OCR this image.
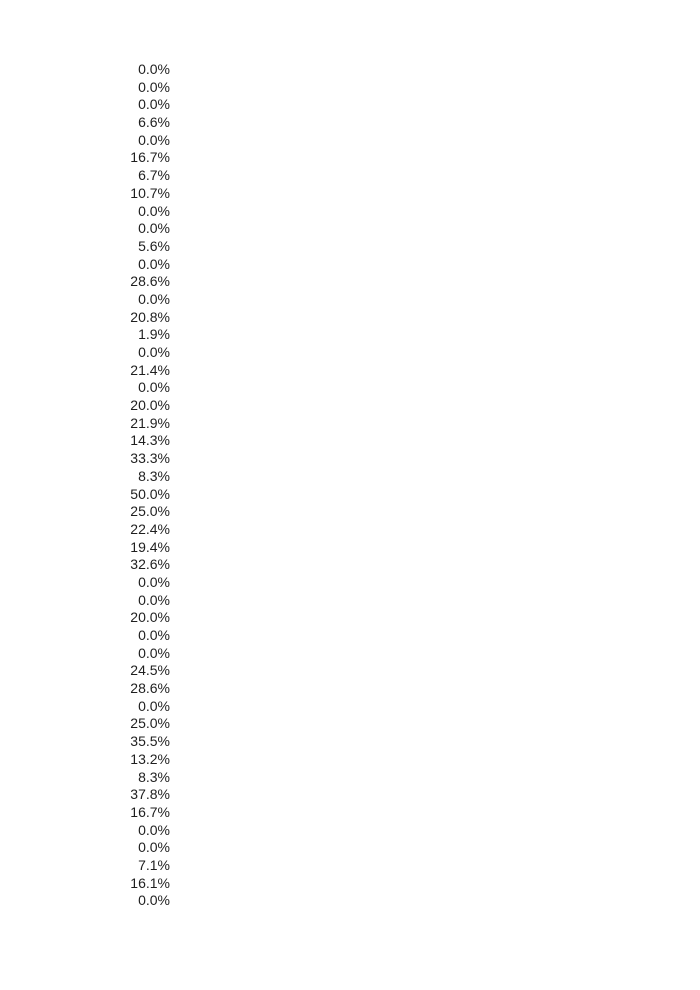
0.0%
0.0%
0.0%
6.6%
0.0%
16.7%
6.7%
10.7%
0.0%
0.0%
5.6%
0.0%
28.6%
0.0%
20.8%
1.9%
0.0%
21.4%
0.0%
20.0%
21.9%
14.3%
33.3%
8.3%
50.0%
25.0%
22.4%
19.4%
32.6%
0.0%
0.0%
20.0%
0.0%
0.0%
24.5%
28.6%
0.0%
25.0%
35.5%
13.2%
8.3%
37.8%
16.7%
0.0%
0.0%
7.1%
16.1%
0.0%
